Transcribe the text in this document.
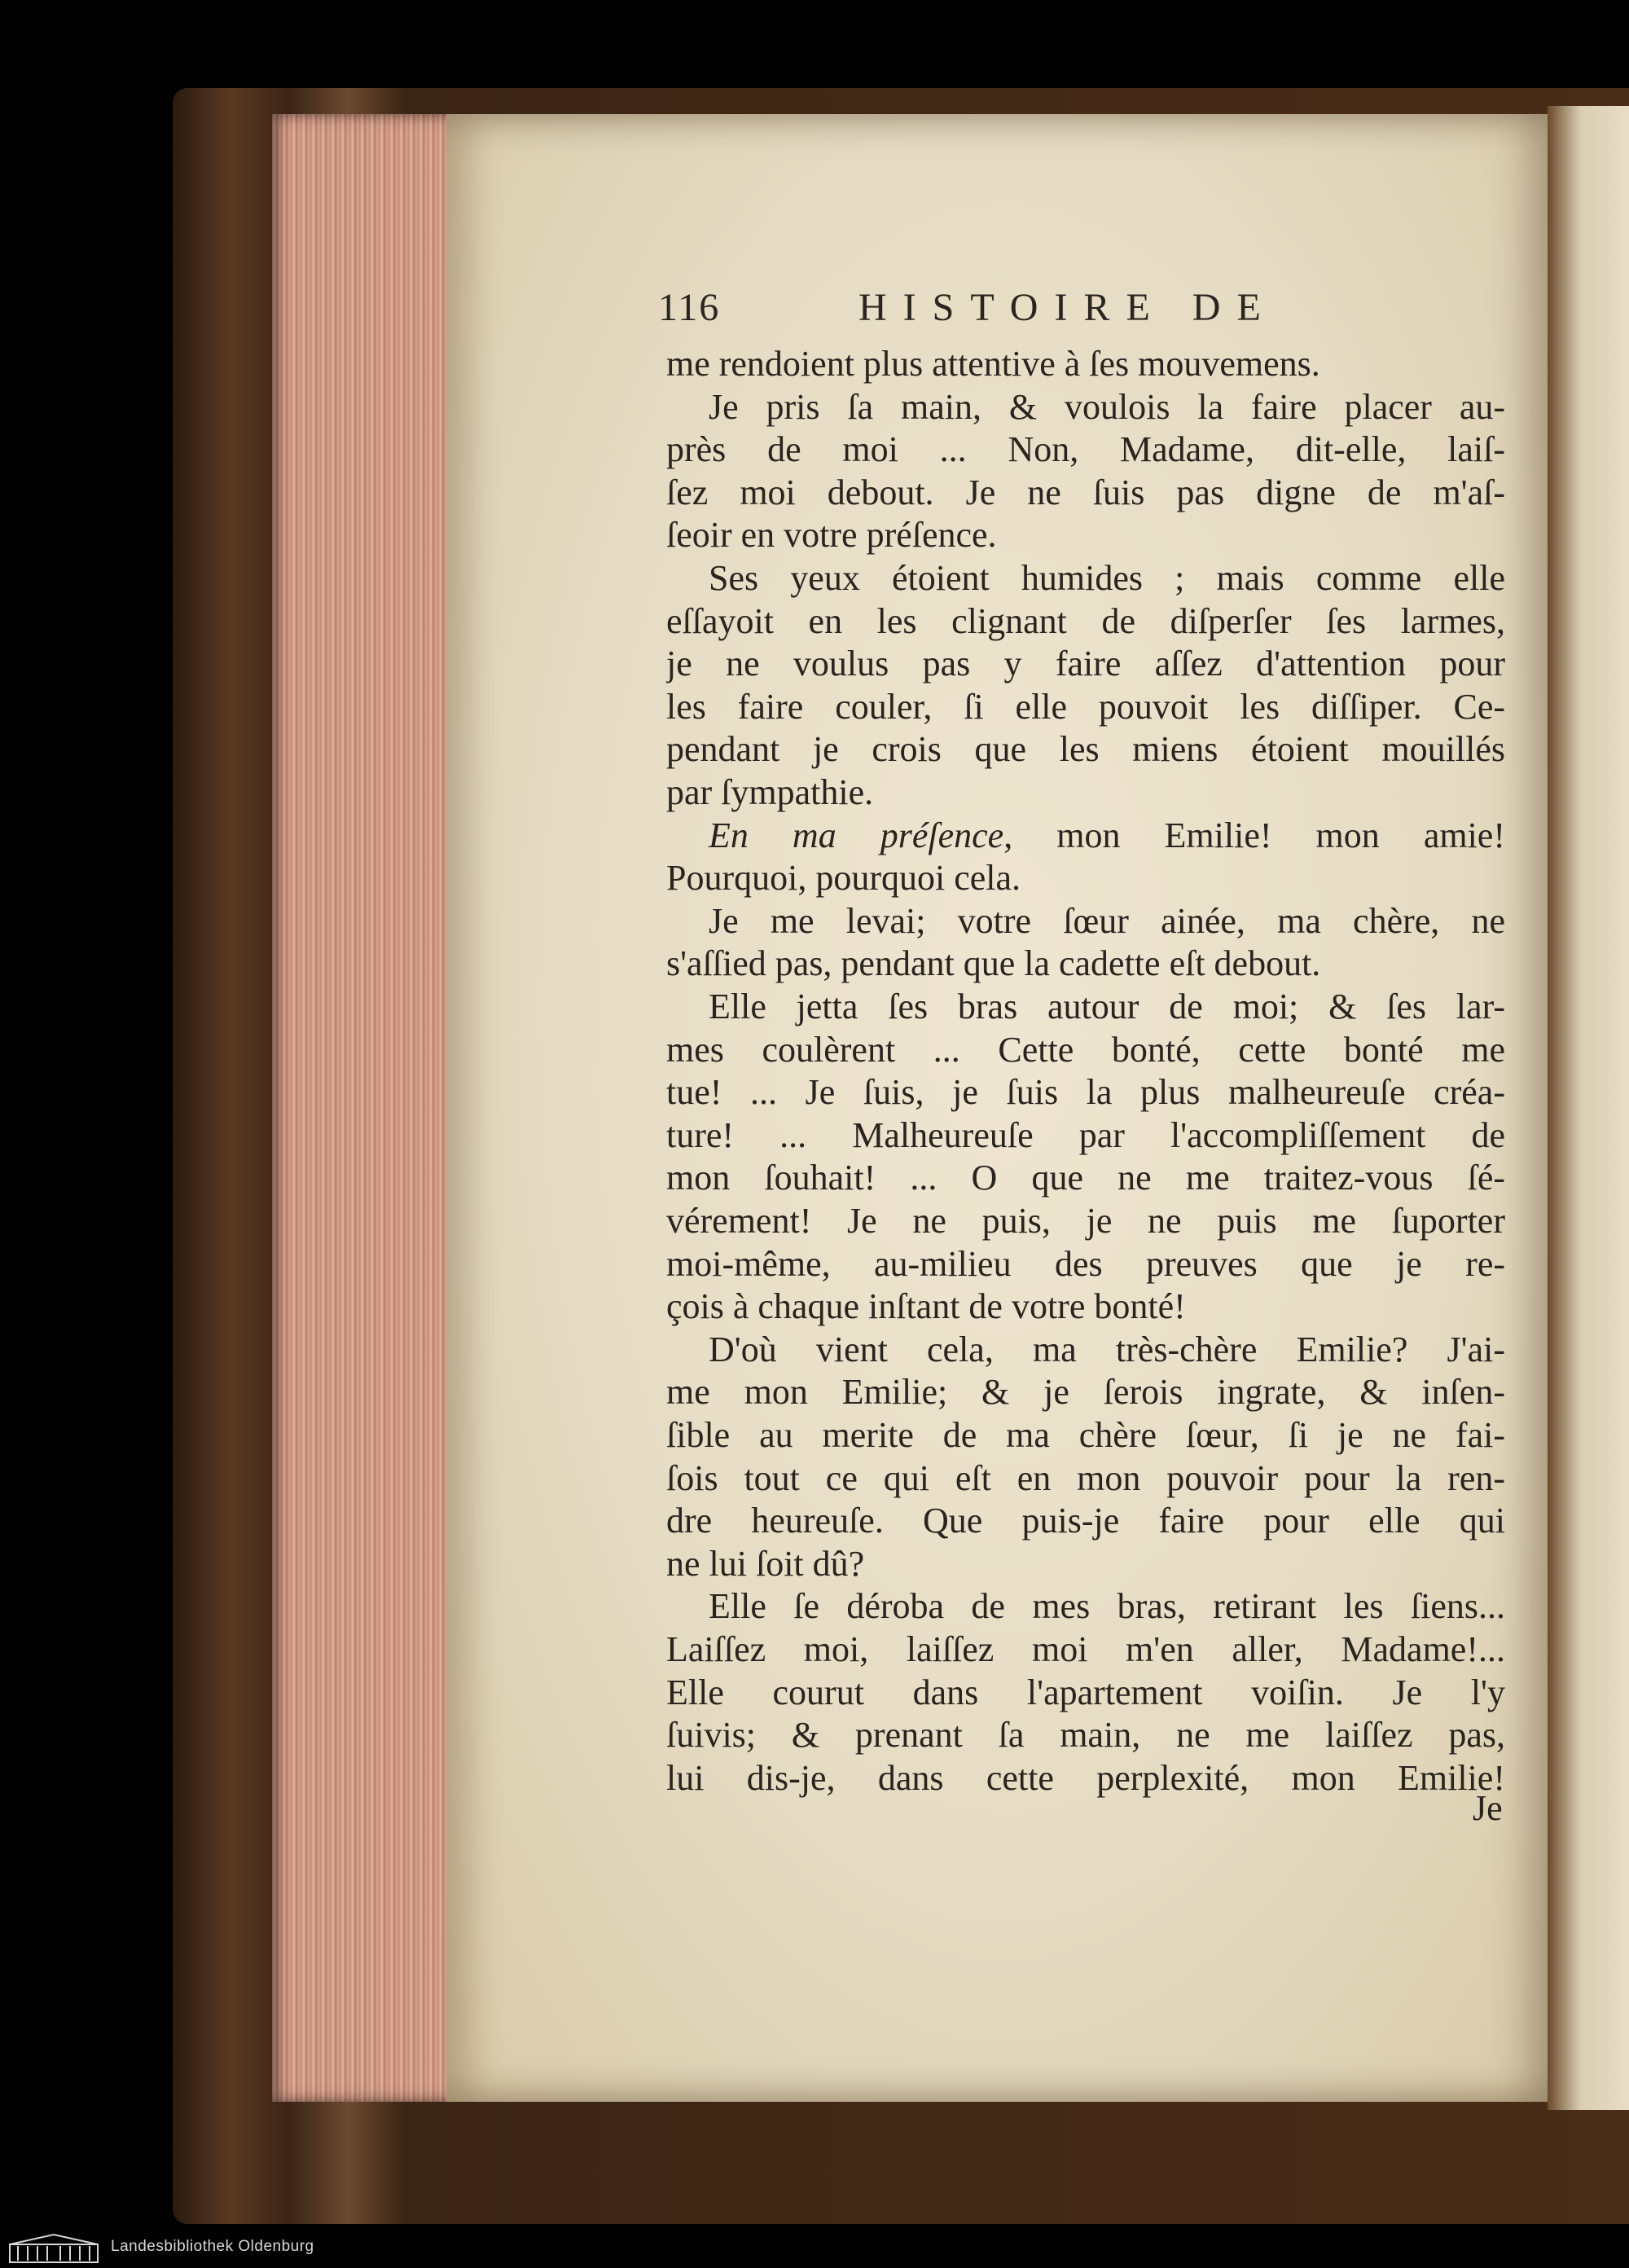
116	HISTOIRE DE
me rendoient plus attentive à ſes mouvemens.
Je pris ſa main, & voulois la faire placer au-
près de moi ... Non, Madame, dit-elle, laiſ-
ſez moi debout. Je ne ſuis pas digne de m'aſ-
ſeoir en votre préſence.
Ses yeux étoient humides ; mais comme elle
eſſayoit en les clignant de diſperſer ſes larmes,
je ne voulus pas y faire aſſez d'attention pour
les faire couler, ſi elle pouvoit les diſſiper. Ce-
pendant je crois que les miens étoient mouillés
par ſympathie.
En ma préſence, mon Emilie! mon amie!
Pourquoi, pourquoi cela.
Je me levai; votre ſœur ainée, ma chère, ne
s'aſſied pas, pendant que la cadette eſt debout.
Elle jetta ſes bras autour de moi; & ſes lar-
mes coulèrent ... Cette bonté, cette bonté me
tue! ... Je ſuis, je ſuis la plus malheureuſe créa-
ture! ... Malheureuſe par l'accompliſſement de
mon ſouhait! ... O que ne me traitez-vous ſé-
vérement! Je ne puis, je ne puis me ſuporter
moi-même, au-milieu des preuves que je re-
çois à chaque inſtant de votre bonté!
D'où vient cela, ma très-chère Emilie? J'ai-
me mon Emilie; & je ſerois ingrate, & inſen-
ſible au merite de ma chère ſœur, ſi je ne fai-
ſois tout ce qui eſt en mon pouvoir pour la ren-
dre heureuſe. Que puis-je faire pour elle qui
ne lui ſoit dû?
Elle ſe déroba de mes bras, retirant les ſiens...
Laiſſez moi, laiſſez moi m'en aller, Madame!...
Elle courut dans l'apartement voiſin. Je l'y
ſuivis; & prenant ſa main, ne me laiſſez pas,
lui dis-je, dans cette perplexité, mon Emilie!
Je
Landesbibliothek Oldenburg
